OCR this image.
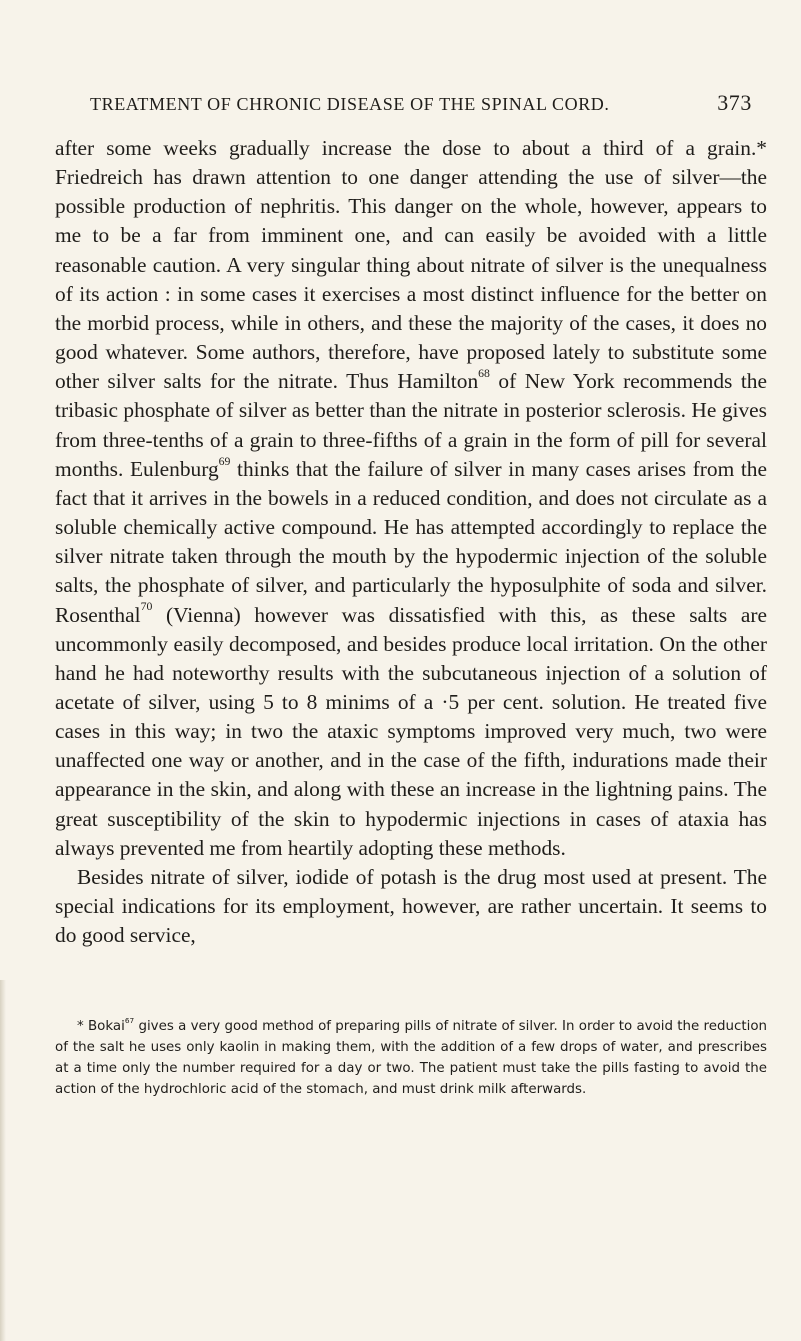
TREATMENT OF CHRONIC DISEASE OF THE SPINAL CORD.	373

after some weeks gradually increase the dose to about a third of a grain.* Friedreich has drawn attention to one danger attending the use of silver—the possible production of nephritis. This danger on the whole, however, appears to me to be a far from imminent one, and can easily be avoided with a little reasonable caution. A very singular thing about nitrate of silver is the unequalness of its action : in some cases it exercises a most distinct influence for the better on the morbid process, while in others, and these the majority of the cases, it does no good whatever. Some authors, therefore, have proposed lately to substitute some other silver salts for the nitrate. Thus Hamilton$^{68}$ of New York recommends the tribasic phosphate of silver as better than the nitrate in posterior sclerosis. He gives from three-tenths of a grain to three-fifths of a grain in the form of pill for several months. Eulenburg$^{69}$ thinks that the failure of silver in many cases arises from the fact that it arrives in the bowels in a reduced condition, and does not circulate as a soluble chemically active compound. He has attempted accordingly to replace the silver nitrate taken through the mouth by the hypodermic injection of the soluble salts, the phosphate of silver, and particularly the hyposulphite of soda and silver. Rosenthal$^{70}$ (Vienna) however was dissatisfied with this, as these salts are uncommonly easily decomposed, and besides produce local irritation. On the other hand he had noteworthy results with the subcutaneous injection of a solution of acetate of silver, using 5 to 8 minims of a ·5 per cent. solution. He treated five cases in this way; in two the ataxic symptoms improved very much, two were unaffected one way or another, and in the case of the fifth, indurations made their appearance in the skin, and along with these an increase in the lightning pains. The great susceptibility of the skin to hypodermic injections in cases of ataxia has always prevented me from heartily adopting these methods.

Besides nitrate of silver, iodide of potash is the drug most used at present. The special indications for its employment, however, are rather uncertain. It seems to do good service,

* Bokai$^{67}$ gives a very good method of preparing pills of nitrate of silver. In order to avoid the reduction of the salt he uses only kaolin in making them, with the addition of a few drops of water, and prescribes at a time only the number required for a day or two. The patient must take the pills fasting to avoid the action of the hydrochloric acid of the stomach, and must drink milk afterwards.
